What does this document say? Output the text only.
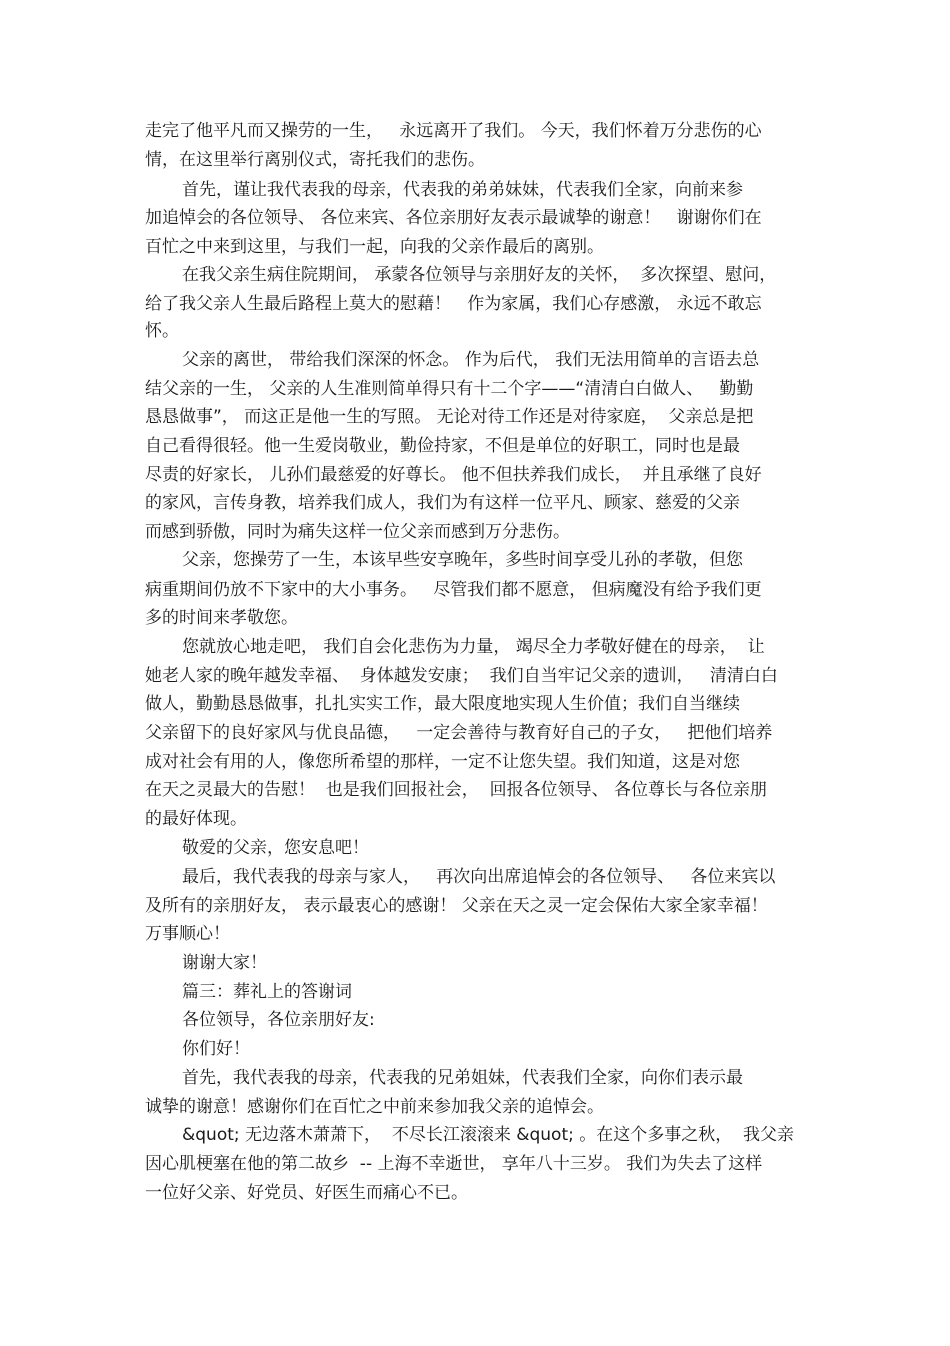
走完了他平凡而又操劳的一生，   永远离开了我们。 今天，我们怀着万分悲伤的心
情，在这里举行离别仪式，寄托我们的悲伤。
首先，谨让我代表我的母亲，代表我的弟弟妹妹，代表我们全家，向前来参
加追悼会的各位领导、 各位来宾、各位亲朋好友表示最诚挚的谢意！   谢谢你们在
百忙之中来到这里，与我们一起，向我的父亲作最后的离别。
在我父亲生病住院期间， 承蒙各位领导与亲朋好友的关怀，  多次探望、慰问，
给了我父亲人生最后路程上莫大的慰藉！   作为家属，我们心存感激， 永远不敢忘
怀。
父亲的离世， 带给我们深深的怀念。 作为后代， 我们无法用简单的言语去总
结父亲的一生， 父亲的人生准则简单得只有十二个字——“清清白白做人、   勤勤
恳恳做事”， 而这正是他一生的写照。 无论对待工作还是对待家庭，  父亲总是把
自己看得很轻。他一生爱岗敬业，勤俭持家，不但是单位的好职工，同时也是最
尽责的好家长， 儿孙们最慈爱的好尊长。 他不但扶养我们成长，  并且承继了良好
的家风，言传身教，培养我们成人，我们为有这样一位平凡、顾家、慈爱的父亲
而感到骄傲，同时为痛失这样一位父亲而感到万分悲伤。
父亲，您操劳了一生，本该早些安享晚年，多些时间享受儿孙的孝敬，但您
病重期间仍放不下家中的大小事务。   尽管我们都不愿意， 但病魔没有给予我们更
多的时间来孝敬您。
您就放心地走吧， 我们自会化悲伤为力量， 竭尽全力孝敬好健在的母亲，  让
她老人家的晚年越发幸福、  身体越发安康；  我们自当牢记父亲的遗训，   清清白白
做人，勤勤恳恳做事，扎扎实实工作，最大限度地实现人生价值；我们自当继续
父亲留下的良好家风与优良品德，   一定会善待与教育好自己的子女，   把他们培养
成对社会有用的人，像您所希望的那样，一定不让您失望。我们知道，这是对您
在天之灵最大的告慰！  也是我们回报社会，  回报各位领导、 各位尊长与各位亲朋
的最好体现。
敬爱的父亲，您安息吧！
最后，我代表我的母亲与家人，   再次向出席追悼会的各位领导、   各位来宾以
及所有的亲朋好友， 表示最衷心的感谢！ 父亲在天之灵一定会保佑大家全家幸福！
万事顺心！
谢谢大家！
篇三：葬礼上的答谢词
各位领导，各位亲朋好友:
你们好！
首先，我代表我的母亲，代表我的兄弟姐妹，代表我们全家，向你们表示最
诚挚的谢意！感谢你们在百忙之中前来参加我父亲的追悼会。
&quot; 无边落木萧萧下，  不尽长江滚滚来 &quot; 。在这个多事之秋，  我父亲
因心肌梗塞在他的第二故乡  -- 上海不幸逝世， 享年八十三岁。 我们为失去了这样
一位好父亲、好党员、好医生而痛心不已。
